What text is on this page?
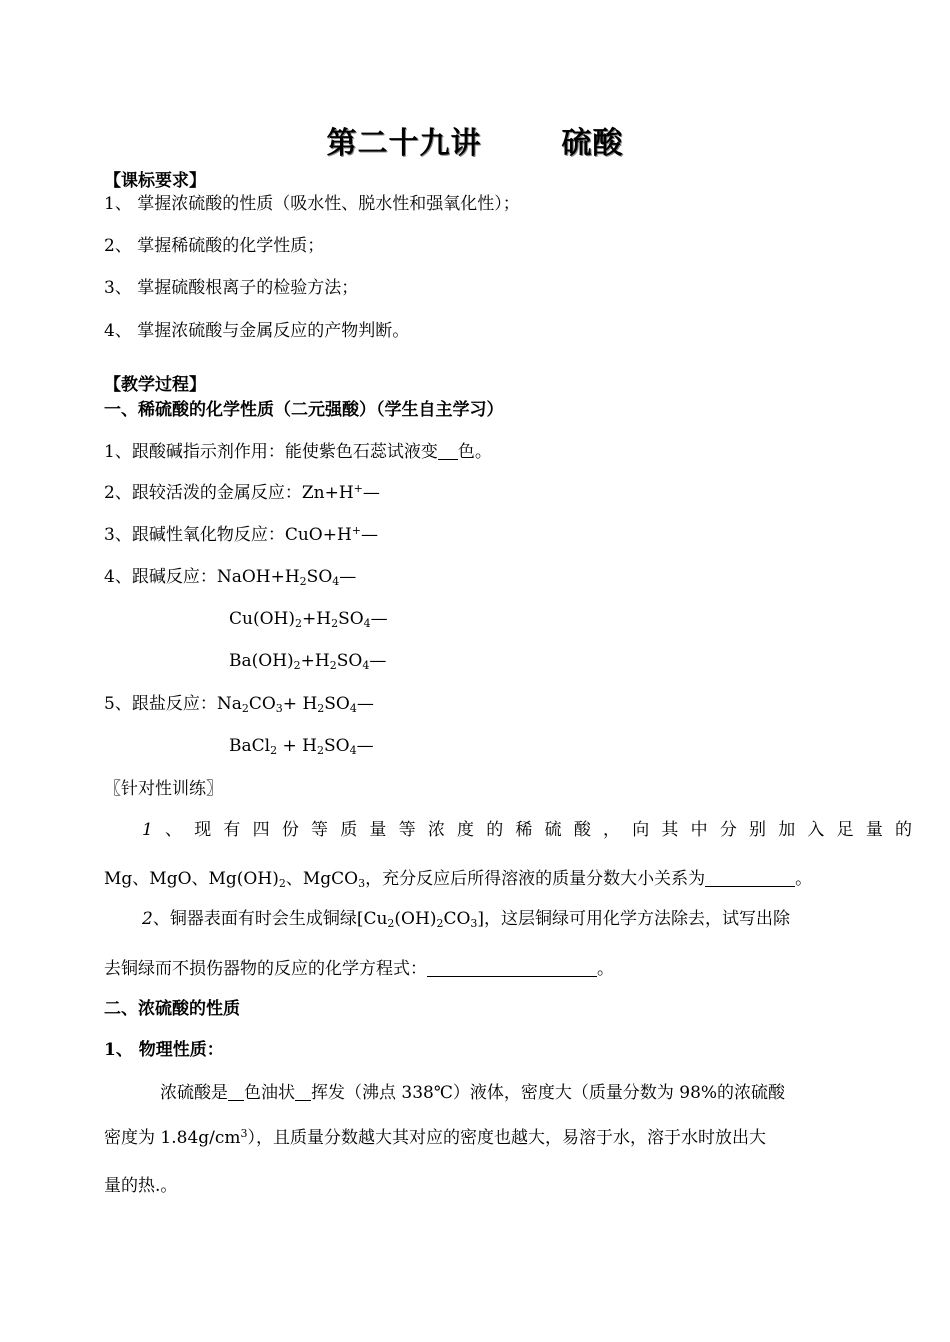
第二十九讲	硫酸
【课标要求】
1、 掌握浓硫酸的性质（吸水性、脱水性和强氧化性）；
2、 掌握稀硫酸的化学性质；
3、 掌握硫酸根离子的检验方法；
4、 掌握浓硫酸与金属反应的产物判断。
【教学过程】
一、稀硫酸的化学性质（二元强酸）（学生自主学习）
1、跟酸碱指示剂作用：能使紫色石蕊试液变 色。
2、跟较活泼的金属反应：Zn+H+—
3、跟碱性氧化物反应：CuO+H+—
4、跟碱反应：$NaOH+H_2SO_4—$
$Cu(OH)_2+H_2SO_4—$
$Ba(OH)_2+H_2SO_4—$
5、跟盐反应：$Na_2CO_3+$ $H_2SO_4—$
BaCl$_2$ + $H_2SO_4—$
〖针对性训练〗
1、现有四份等质量等浓度的稀硫酸，向其中分别加入足量的
Mg、MgO、$Mg(OH)_2$、MgCO$_3$，充分反应后所得溶液的质量分数大小关系为	。
2、铜器表面有时会生成铜绿$[Cu_2(OH)_2CO_3]$，这层铜绿可用化学方法除去，试写出除
去铜绿而不损伤器物的反应的化学方程式：	。
二、浓硫酸的性质
1、 物理性质：
浓硫酸是 色油状 挥发（沸点 338℃）液体，密度大（质量分数为 98%的浓硫酸
密度为 $1.84g/cm^3$），且质量分数越大其对应的密度也越大，易溶于水，溶于水时放出大
量的热.。
